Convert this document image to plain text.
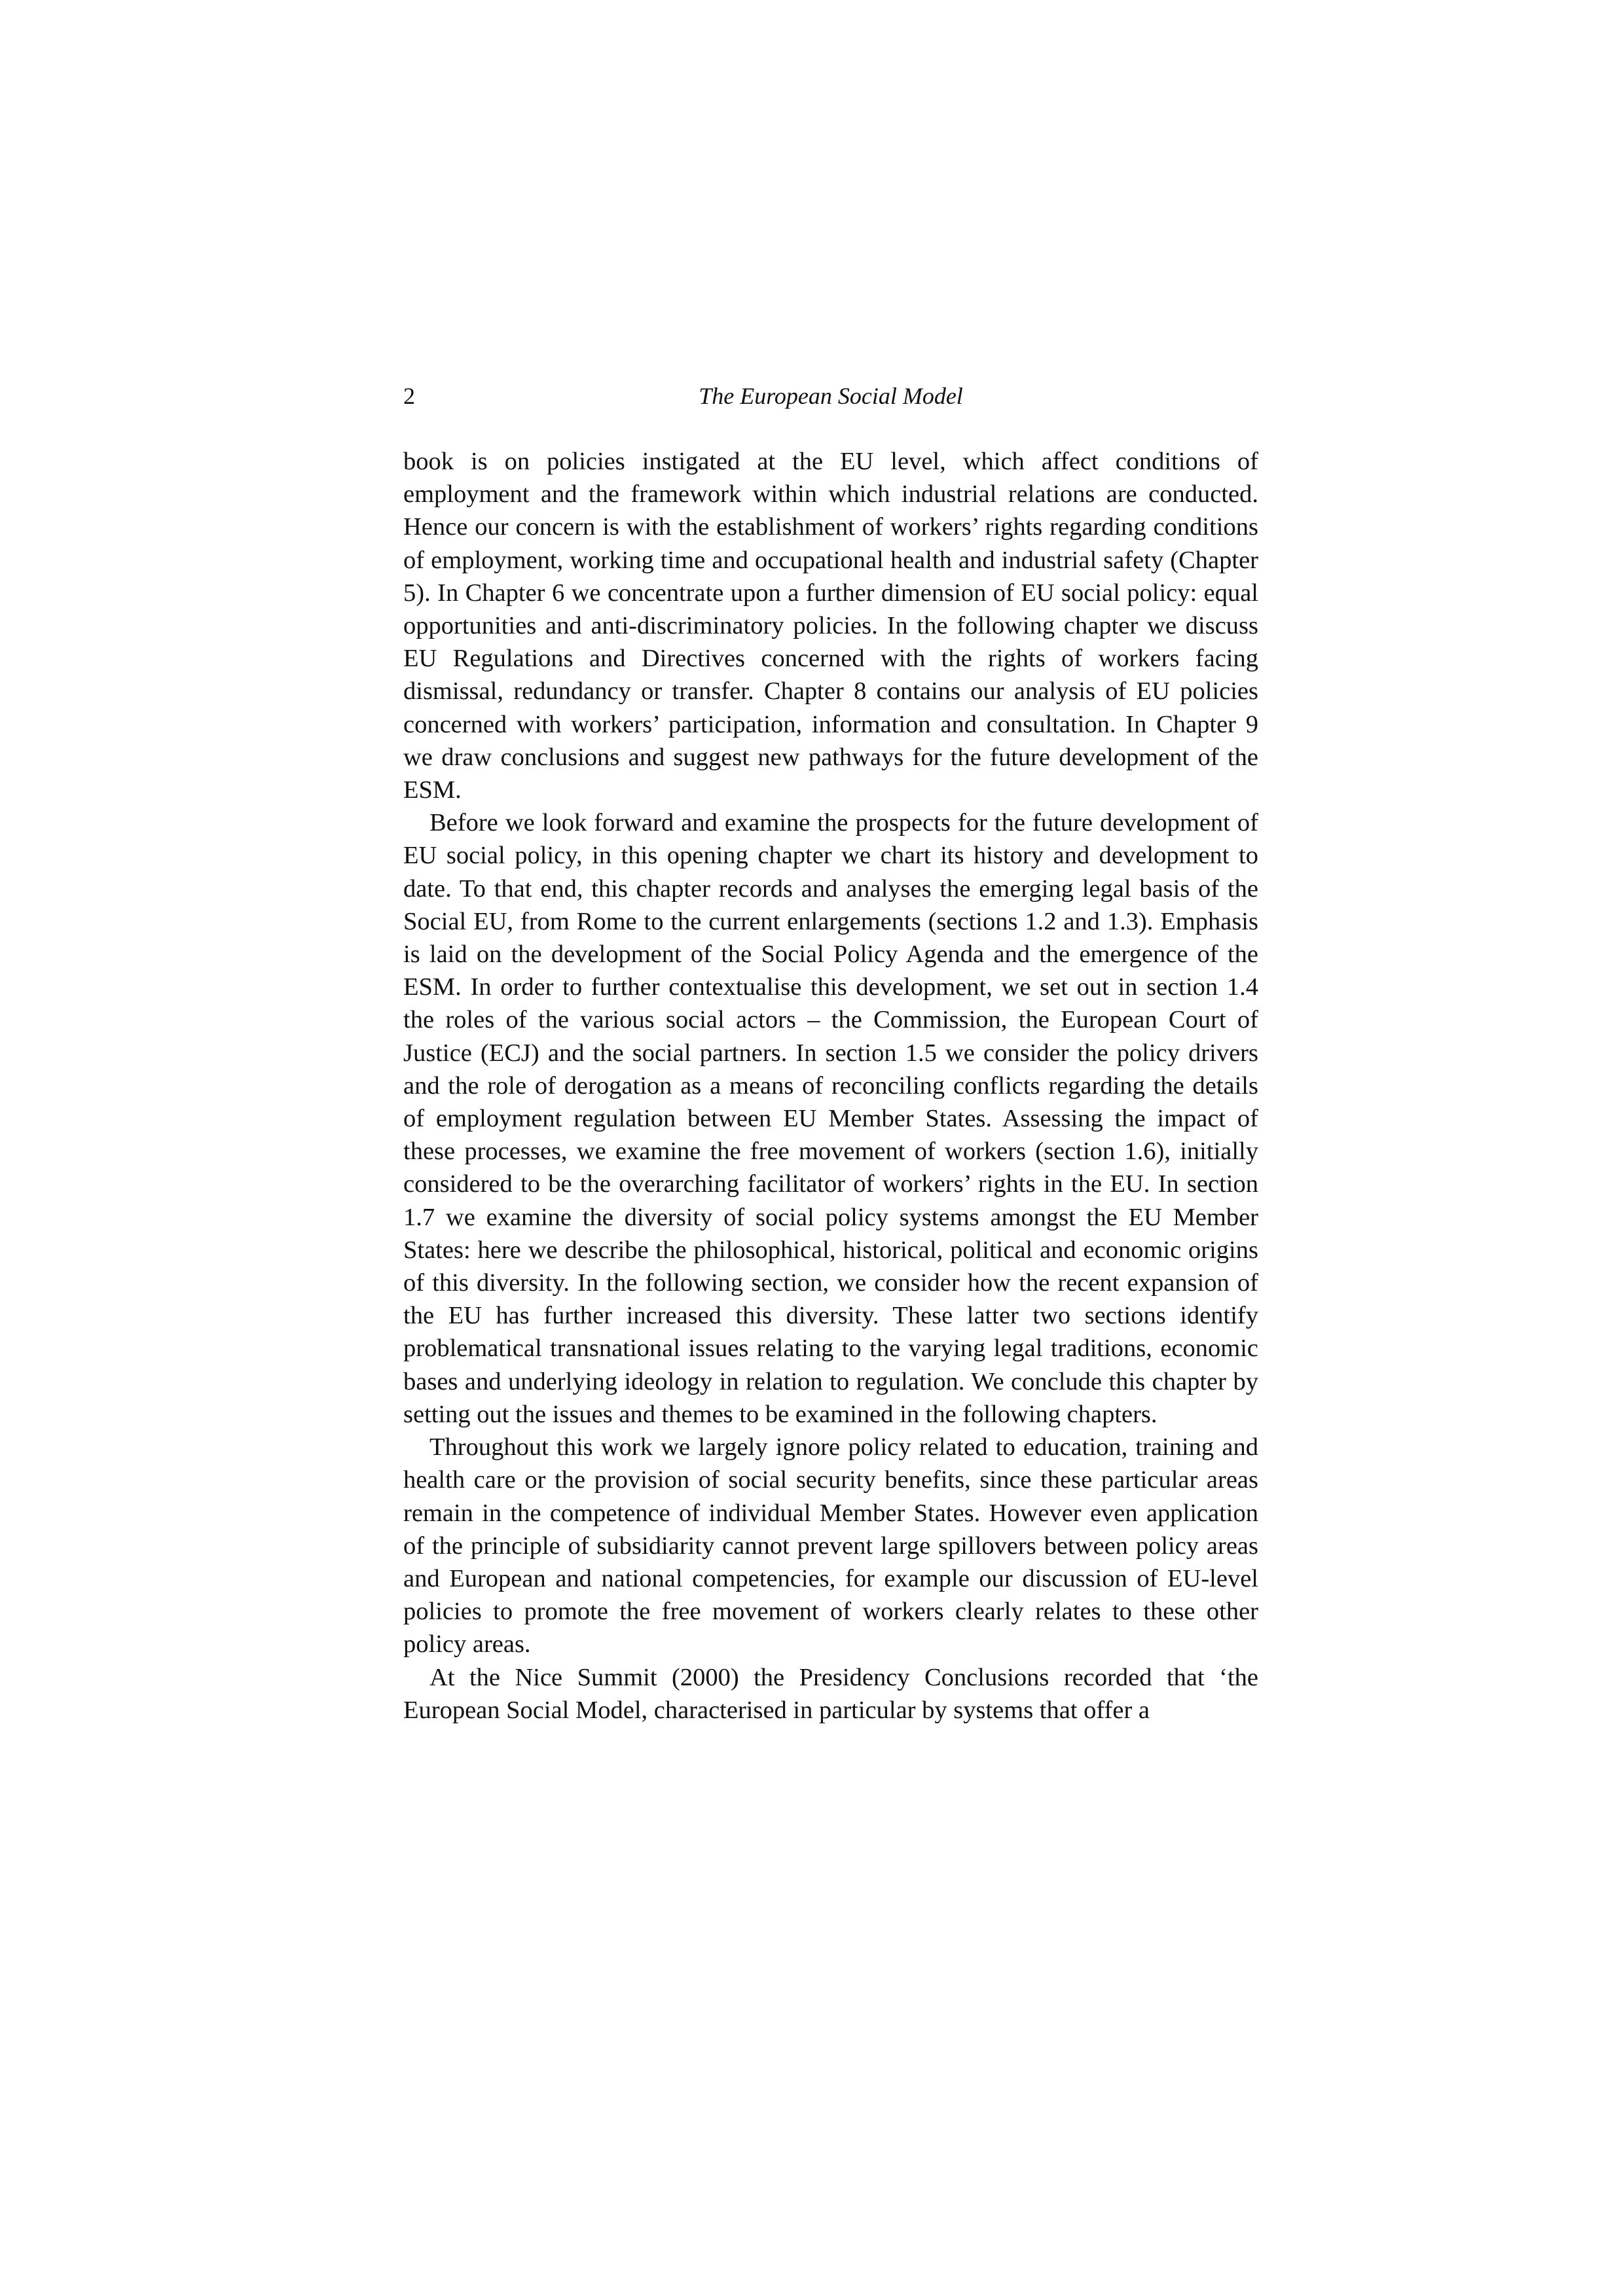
2	The European Social Model

book is on policies instigated at the EU level, which affect conditions of employment and the framework within which industrial relations are conducted. Hence our concern is with the establishment of workers’ rights regarding conditions of employment, working time and occupational health and industrial safety (Chapter 5). In Chapter 6 we concentrate upon a further dimension of EU social policy: equal opportunities and anti-discriminatory policies. In the following chapter we discuss EU Regulations and Directives concerned with the rights of workers facing dismissal, redundancy or transfer. Chapter 8 contains our analysis of EU policies concerned with workers’ participation, information and consultation. In Chapter 9 we draw conclusions and suggest new pathways for the future development of the ESM.

Before we look forward and examine the prospects for the future development of EU social policy, in this opening chapter we chart its history and development to date. To that end, this chapter records and analyses the emerging legal basis of the Social EU, from Rome to the current enlargements (sections 1.2 and 1.3). Emphasis is laid on the development of the Social Policy Agenda and the emergence of the ESM. In order to further contextualise this development, we set out in section 1.4 the roles of the various social actors – the Commission, the European Court of Justice (ECJ) and the social partners. In section 1.5 we consider the policy drivers and the role of derogation as a means of reconciling conflicts regarding the details of employment regulation between EU Member States. Assessing the impact of these processes, we examine the free movement of workers (section 1.6), initially considered to be the overarching facilitator of workers’ rights in the EU. In section 1.7 we examine the diversity of social policy systems amongst the EU Member States: here we describe the philosophical, historical, political and economic origins of this diversity. In the following section, we consider how the recent expansion of the EU has further increased this diversity. These latter two sections identify problematical transnational issues relating to the varying legal traditions, economic bases and underlying ideology in relation to regulation. We conclude this chapter by setting out the issues and themes to be examined in the following chapters.

Throughout this work we largely ignore policy related to education, training and health care or the provision of social security benefits, since these particular areas remain in the competence of individual Member States. However even application of the principle of subsidiarity cannot prevent large spillovers between policy areas and European and national competencies, for example our discussion of EU-level policies to promote the free movement of workers clearly relates to these other policy areas.

At the Nice Summit (2000) the Presidency Conclusions recorded that ‘the European Social Model, characterised in particular by systems that offer a
